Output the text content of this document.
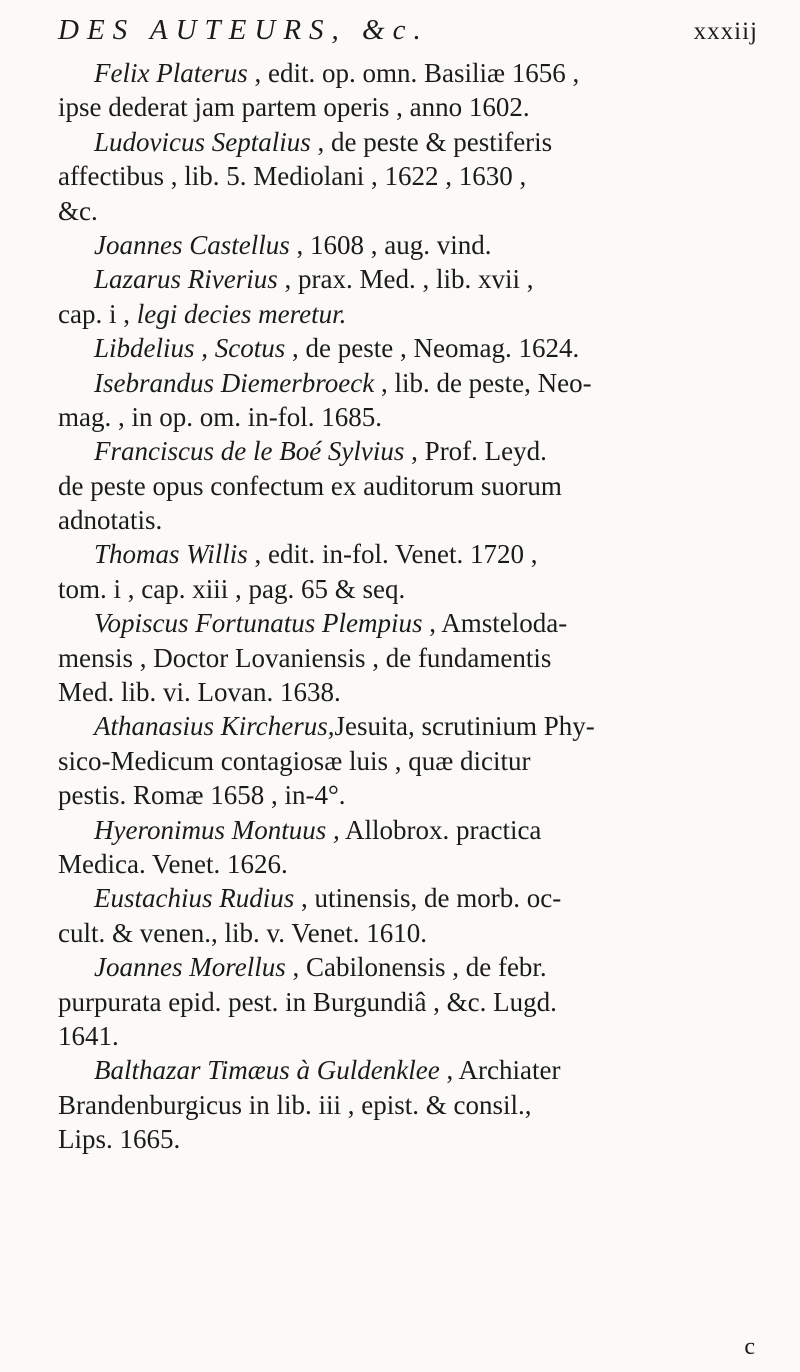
DES AUTEURS, &c.	xxxiij
Felix Platerus , edit. op. omn. Basiliæ 1656 ,
ipse dederat jam partem operis , anno 1602.
Ludovicus Septalius , de peste & pestiferis
affectibus , lib. 5. Mediolani , 1622 , 1630 ,
&c.
Joannes Castellus , 1608 , aug. vind.
Lazarus Riverius , prax. Med. , lib. xvii ,
cap. i , legi decies meretur.
Libdelius , Scotus , de peste , Neomag. 1624.
Isebrandus Diemerbroeck , lib. de peste, Neo-
mag. , in op. om. in-fol. 1685.
Franciscus de le Boé Sylvius , Prof. Leyd.
de peste opus confectum ex auditorum suorum
adnotatis.
Thomas Willis , edit. in-fol. Venet. 1720 ,
tom. i , cap. xiii , pag. 65 & seq.
Vopiscus Fortunatus Plempius , Amsteloda-
mensis , Doctor Lovaniensis , de fundamentis
Med. lib. vi. Lovan. 1638.
Athanasius Kircherus,Jesuita, scrutinium Phy-
sico-Medicum contagiosæ luis , quæ dicitur
pestis. Romæ 1658 , in-4°.
Hyeronimus Montuus , Allobrox. practica
Medica. Venet. 1626.
Eustachius Rudius , utinensis, de morb. oc-
cult. & venen., lib. v. Venet. 1610.
Joannes Morellus , Cabilonensis , de febr.
purpurata epid. pest. in Burgundiâ , &c. Lugd.
1641.
Balthazar Timæus à Guldenklee , Archiater
Brandenburgicus in lib. iii , epist. & consil.,
Lips. 1665.
c
